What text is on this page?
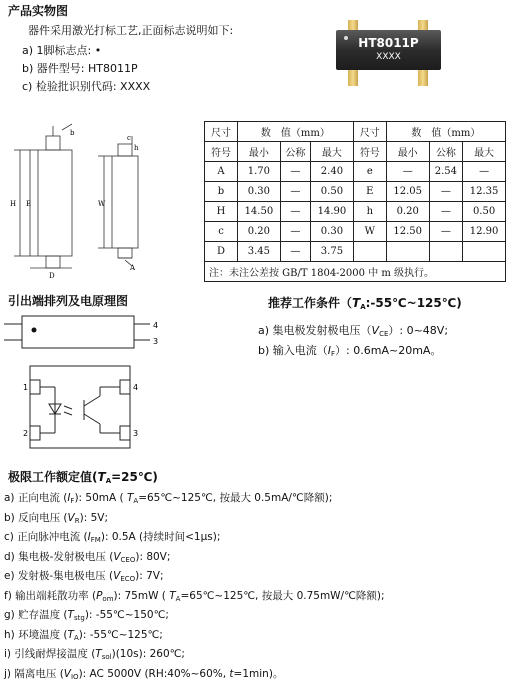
产品实物图
器件采用激光打标工艺,正面标志说明如下:
a) 1脚标志点: •
b) 器件型号: HT8011P
c) 检验批识别代码: XXXX
HT8011P
XXXX
b
H E
D
c
h
W
A
尺寸	数　值（mm）			尺寸	数　值（mm）		
符号	最小	公称	最大	符号	最小	公称	最大
A	1.70	—	2.40	e	—	2.54	—
b	0.30	—	0.50	E	12.05	—	12.35
H	14.50	—	14.90	h	0.20	—	0.50
c	0.20	—	0.30	W	12.50	—	12.90
D	3.45	—	3.75				
注：未注公差按 GB/T 1804-2000 中 m 级执行。							
引出端排列及电原理图
4
3
1
2
4
3
推荐工作条件$(T_A:-55℃\sim 125℃)$
a) 集电极发射极电压$(V_{CE})$: 0~48V;
b) 输入电流$(I_F)$: 0.6mA~20mA。
极限工作额定值$(T_A=25℃)$
a) 正向电流 $(I_F)$: 50mA ( $T_A=65℃\sim 125℃$, 按最大 0.5mA/℃降额);
b) 反向电压 $(V_R)$: 5V;
c) 正向脉冲电流 $(I_{FM})$: 0.5A (持续时间<1μs);
d) 集电极-发射极电压 $(V_{CEO})$: 80V;
e) 发射极-集电极电压 $(V_{ECO})$: 7V;
f) 输出端耗散功率 $(P_{om})$: 75mW ( $T_A=65℃\sim 125℃$, 按最大 0.75mW/℃降额);
g) 贮存温度 $(T_{stg})$: -55℃~150℃;
h) 环境温度 $(T_A)$: -55℃~125℃;
i) 引线耐焊接温度 $(T_{sol})(10s)$: 260℃;
j) 隔离电压 $(V_{IO})$: AC 5000V (RH:40%~60%, t=1min)。
